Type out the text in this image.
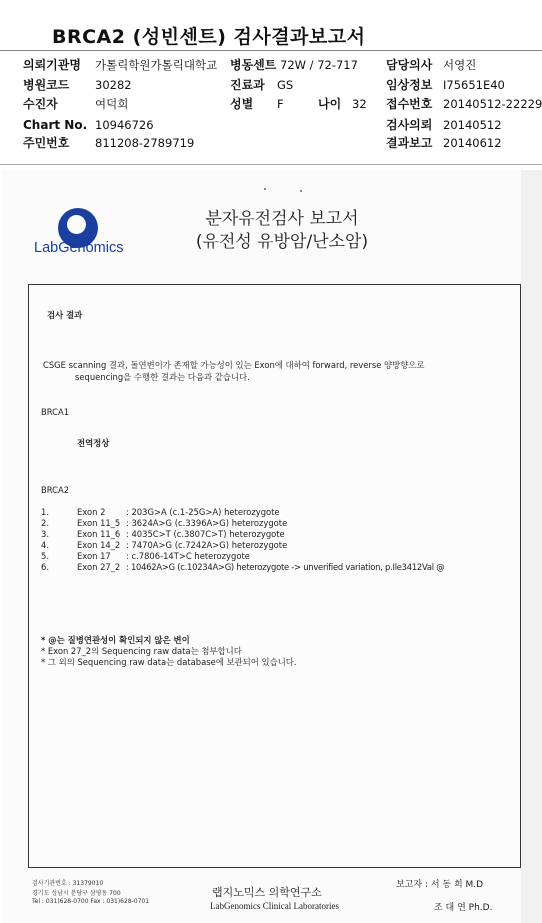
BRCA2 (성빈센트) 검사결과보고서
의뢰기관명 가톨릭학원가톨릭대학교 병동센트 72W / 72-717 담당의사 서영진
병원코드 30282	진료과 GS	임상정보 I75651E40
수진자	여덕희	성별 F	나이 32 접수번호 20140512-22229
Chart No. 10946726	검사의뢰 20140512
주민번호 811208-2789719	결과보고 20140612
LabGenomics
분자유전검사 보고서
(유전성 유방암/난소암)
검사 결과
CSGE scanning 결과, 돌연변이가 존재할 가능성이 있는 Exon에 대하여 forward, reverse 양방향으로
sequencing을 수행한 결과는 다음과 같습니다.
BRCA1
전역정상
BRCA2
1.	Exon 2 : 203G>A (c.1-25G>A) heterozygote
2.	Exon 11_5 : 3624A>G (c.3396A>G) heterozygote
3.	Exon 11_6 : 4035C>T (c.3807C>T) heterozygote
4.	Exon 14_2 : 7470A>G (c.7242A>G) heterozygote
5.	Exon 17 : c.7806-14T>C heterozygote
6.	Exon 27_2 : 10462A>G (c.10234A>G) heterozygote -> unverified variation, p.Ile3412Val @
* @는 질병연관성이 확인되지 않은 변이
* Exon 27_2의 Sequencing raw data는 첨부합니다
* 그 외의 Sequencing raw data는 database에 보관되어 있습니다.
검사기관번호 : 31379010
경기도 성남시 분당구 삼평동 700
Tel : 031)628-0700 Fax : 031)628-0701
랩지노믹스 의학연구소
LabGenomics Clinical Laboratories
보고자 : 서 동 희 M.D
조 대 연 Ph.D.
